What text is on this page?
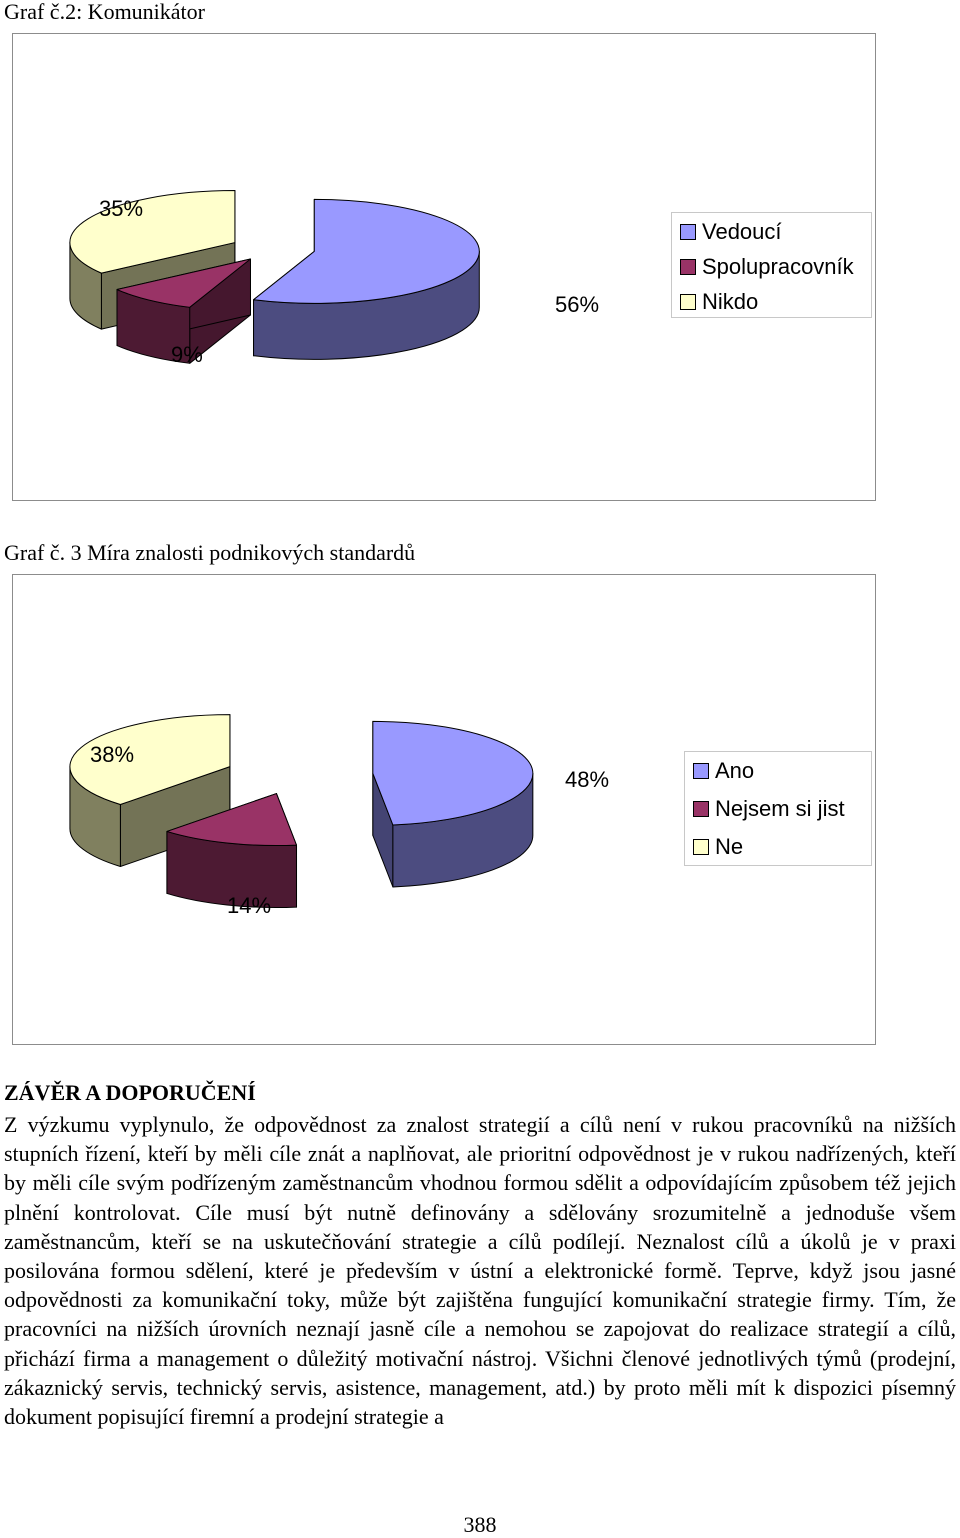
Graf č.2: Komunikátor
56%
9%
35%
Vedoucí
Spolupracovník
Nikdo
Graf č. 3 Míra znalosti podnikových standardů
48%
14%
38%
Ano
Nejsem si jist
Ne
ZÁVĚR A DOPORUČENÍ
Z výzkumu vyplynulo, že odpovědnost za znalost strategií a cílů není v rukou pracovníků na nižších stupních řízení, kteří by měli cíle znát a naplňovat, ale prioritní odpovědnost je v rukou nadřízených, kteří by měli cíle svým podřízeným zaměstnancům vhodnou formou sdělit a odpovídajícím způsobem též jejich plnění kontrolovat. Cíle musí být nutně definovány a sdělovány srozumitelně a jednoduše všem zaměstnancům, kteří se na uskutečňování strategie a cílů podílejí. Neznalost cílů a úkolů je v praxi posilována formou sdělení, které je především v ústní a elektronické formě. Teprve, když jsou jasné odpovědnosti za komunikační toky, může být zajištěna fungující komunikační strategie firmy. Tím, že pracovníci na nižších úrovních neznají jasně cíle a nemohou se zapojovat do realizace strategií a cílů, přichází firma a management o důležitý motivační nástroj. Všichni členové jednotlivých týmů (prodejní, zákaznický servis, technický servis, asistence, management, atd.) by proto měli mít k dispozici písemný dokument popisující firemní a prodejní strategie a
388
